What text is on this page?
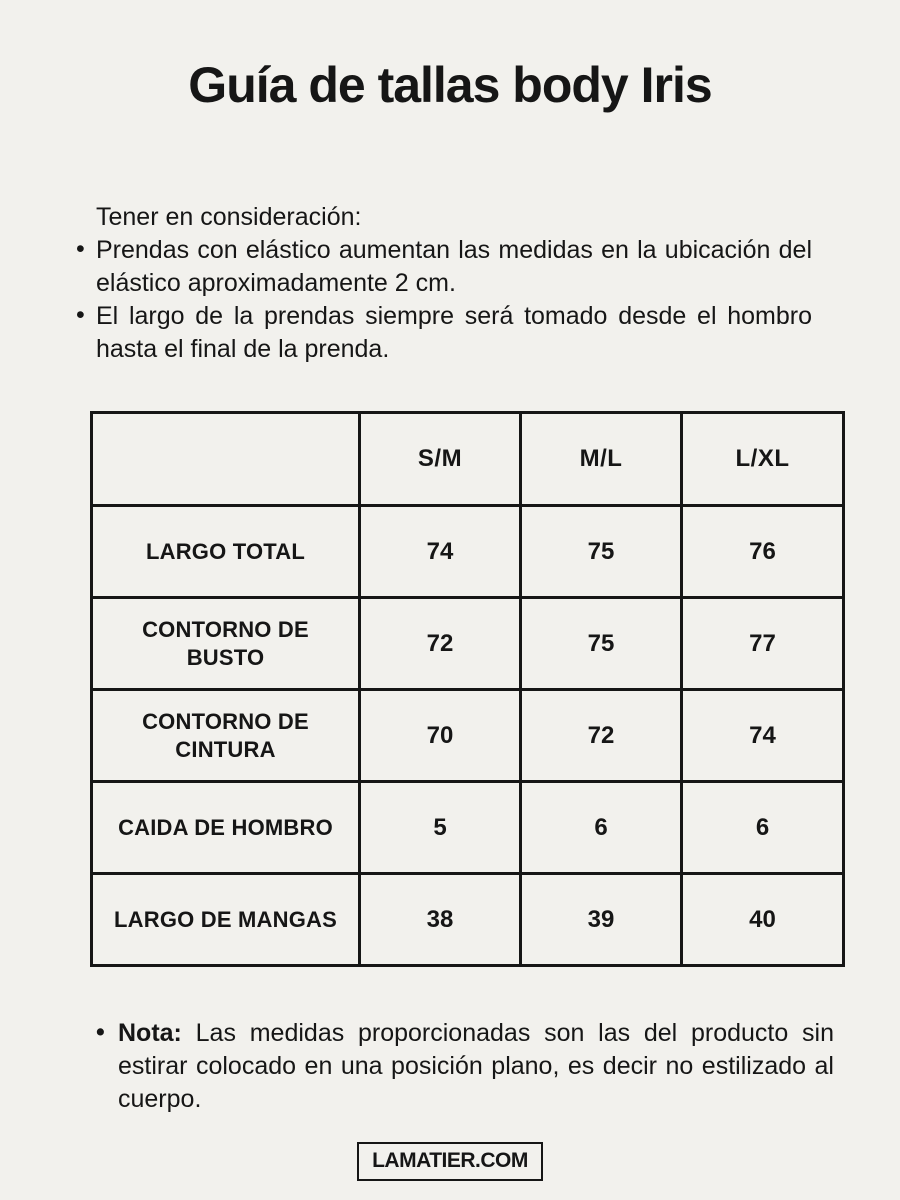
Guía de tallas body Iris
Tener en consideración:
• Prendas con elástico aumentan las medidas en la ubicación del elástico aproximadamente 2 cm.
• El largo de la prendas siempre será tomado desde el hombro hasta el final de la prenda.
	S/M	M/L	L/XL
LARGO TOTAL	74	75	76
CONTORNO DE BUSTO	72	75	77
CONTORNO DE CINTURA	70	72	74
CAIDA DE HOMBRO	5	6	6
LARGO DE MANGAS	38	39	40

• Nota: Las medidas proporcionadas son las del producto sin estirar colocado en una posición plano, es decir no estilizado al cuerpo.

LAMATIER.COM
